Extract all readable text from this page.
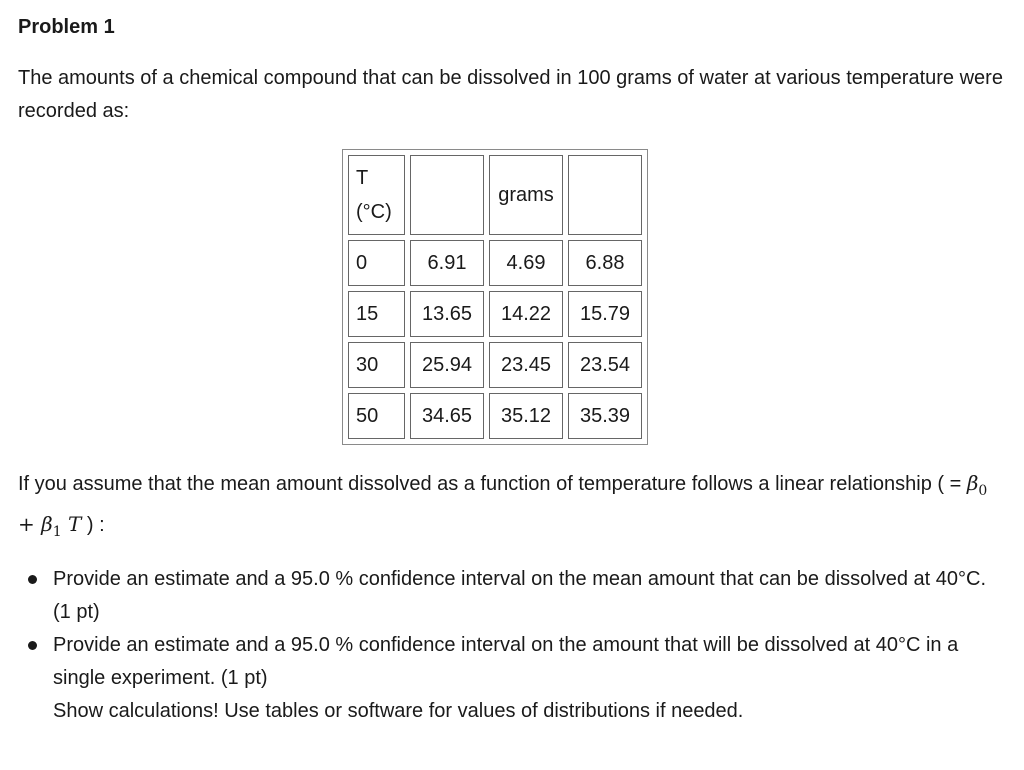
Problem 1

The amounts of a chemical compound that can be dissolved in 100 grams of water at various temperature were recorded as:

T
(°C)		grams	
0	6.91	4.69	6.88
15	13.65	14.22	15.79
30	25.94	23.45	23.54
50	34.65	35.12	35.39

If you assume that the mean amount dissolved as a function of temperature follows a linear relationship ( = $\beta_0 + \beta_1$ T ) :

Provide an estimate and a 95.0 % confidence interval on the mean amount that can be dissolved at 40°C. (1 pt)
Provide an estimate and a 95.0 % confidence interval on the amount that will be dissolved at 40°C in a single experiment. (1 pt)
Show calculations! Use tables or software for values of distributions if needed.
